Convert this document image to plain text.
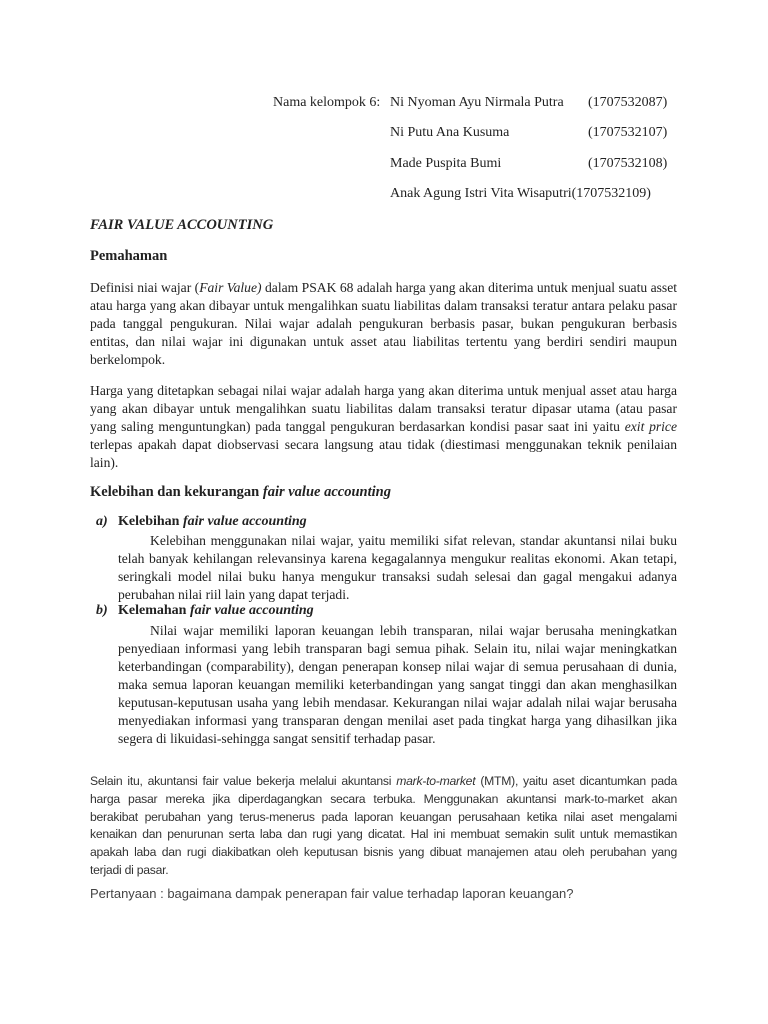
Nama kelompok 6: Ni Nyoman Ayu Nirmala Putra (1707532087)
Ni Putu Ana Kusuma	(1707532107)
Made Puspita Bumi	(1707532108)
Anak Agung Istri Vita Wisaputri(1707532109)
FAIR VALUE ACCOUNTING
Pemahaman
Definisi niai wajar (Fair Value) dalam PSAK 68 adalah harga yang akan diterima untuk menjual suatu asset atau harga yang akan dibayar untuk mengalihkan suatu liabilitas dalam transaksi teratur antara pelaku pasar pada tanggal pengukuran. Nilai wajar adalah pengukuran berbasis pasar, bukan pengukuran berbasis entitas, dan nilai wajar ini digunakan untuk asset atau liabilitas tertentu yang berdiri sendiri maupun berkelompok.
Harga yang ditetapkan sebagai nilai wajar adalah harga yang akan diterima untuk menjual asset atau harga yang akan dibayar untuk mengalihkan suatu liabilitas dalam transaksi teratur dipasar utama (atau pasar yang saling menguntungkan) pada tanggal pengukuran berdasarkan kondisi pasar saat ini yaitu exit price terlepas apakah dapat diobservasi secara langsung atau tidak (diestimasi menggunakan teknik penilaian lain).
Kelebihan dan kekurangan fair value accounting
a) Kelebihan fair value accounting
Kelebihan menggunakan nilai wajar, yaitu memiliki sifat relevan, standar akuntansi nilai buku telah banyak kehilangan relevansinya karena kegagalannya mengukur realitas ekonomi. Akan tetapi, seringkali model nilai buku hanya mengukur transaksi sudah selesai dan gagal mengakui adanya perubahan nilai riil lain yang dapat terjadi.
b) Kelemahan fair value accounting
Nilai wajar memiliki laporan keuangan lebih transparan, nilai wajar berusaha meningkatkan penyediaan informasi yang lebih transparan bagi semua pihak. Selain itu, nilai wajar meningkatkan keterbandingan (comparability), dengan penerapan konsep nilai wajar di semua perusahaan di dunia, maka semua laporan keuangan memiliki keterbandingan yang sangat tinggi dan akan menghasilkan keputusan-keputusan usaha yang lebih mendasar. Kekurangan nilai wajar adalah nilai wajar berusaha menyediakan informasi yang transparan dengan menilai aset pada tingkat harga yang dihasilkan jika segera di likuidasi-sehingga sangat sensitif terhadap pasar.
Selain itu, akuntansi fair value bekerja melalui akuntansi mark-to-market (MTM), yaitu aset dicantumkan pada harga pasar mereka jika diperdagangkan secara terbuka. Menggunakan akuntansi mark-to-market akan berakibat perubahan yang terus-menerus pada laporan keuangan perusahaan ketika nilai aset mengalami kenaikan dan penurunan serta laba dan rugi yang dicatat. Hal ini membuat semakin sulit untuk memastikan apakah laba dan rugi diakibatkan oleh keputusan bisnis yang dibuat manajemen atau oleh perubahan yang terjadi di pasar.
Pertanyaan : bagaimana dampak penerapan fair value terhadap laporan keuangan?
